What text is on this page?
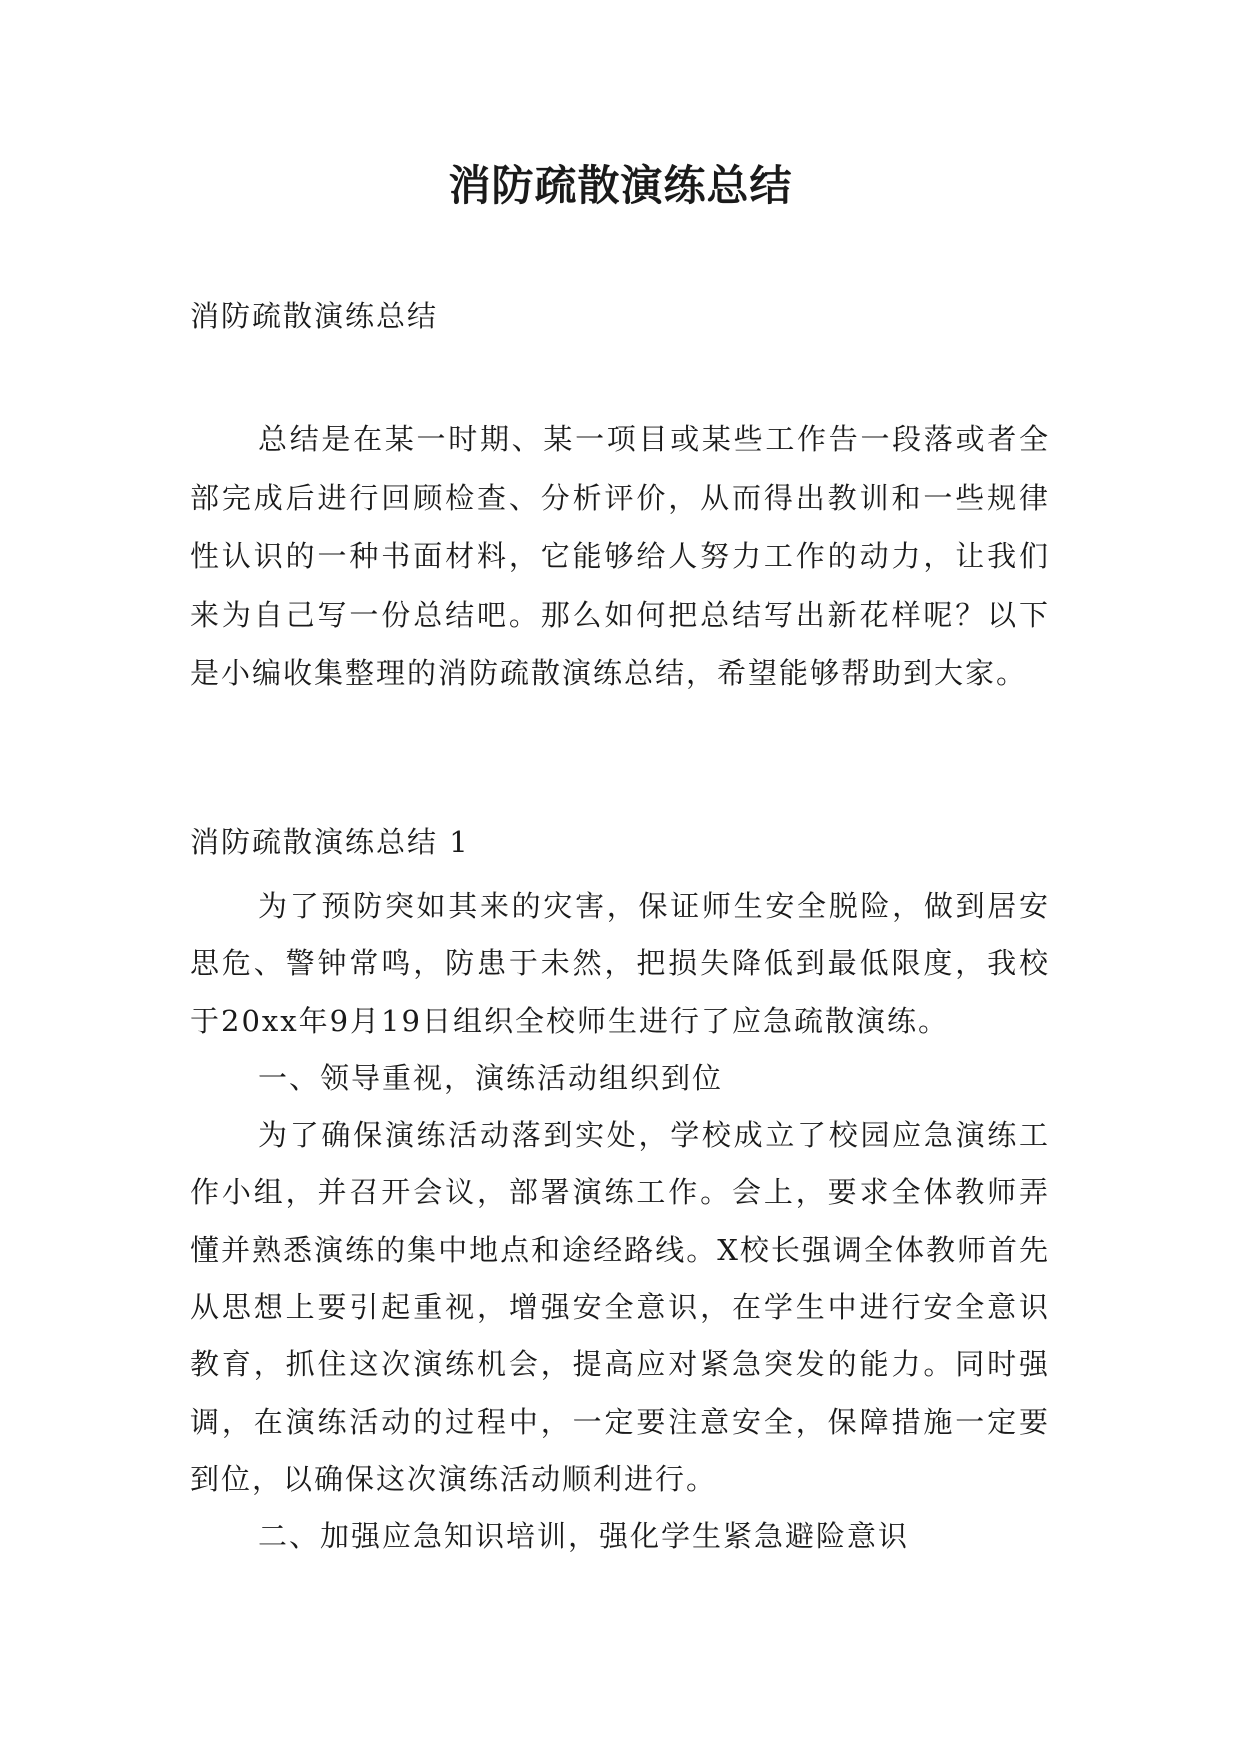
消防疏散演练总结
消防疏散演练总结

总结是在某一时期、某一项目或某些工作告一段落或者全部完成后进行回顾检查、分析评价，从而得出教训和一些规律性认识的一种书面材料，它能够给人努力工作的动力，让我们来为自己写一份总结吧。那么如何把总结写出新花样呢？以下是小编收集整理的消防疏散演练总结，希望能够帮助到大家。

消防疏散演练总结 1

为了预防突如其来的灾害，保证师生安全脱险，做到居安思危、警钟常鸣，防患于未然，把损失降低到最低限度，我校于20xx年9月19日组织全校师生进行了应急疏散演练。

一、领导重视，演练活动组织到位

为了确保演练活动落到实处，学校成立了校园应急演练工作小组，并召开会议，部署演练工作。会上，要求全体教师弄懂并熟悉演练的集中地点和途经路线。X校长强调全体教师首先从思想上要引起重视，增强安全意识，在学生中进行安全意识教育，抓住这次演练机会，提高应对紧急突发的能力。同时强调，在演练活动的过程中，一定要注意安全，保障措施一定要到位，以确保这次演练活动顺利进行。

二、加强应急知识培训，强化学生紧急避险意识
